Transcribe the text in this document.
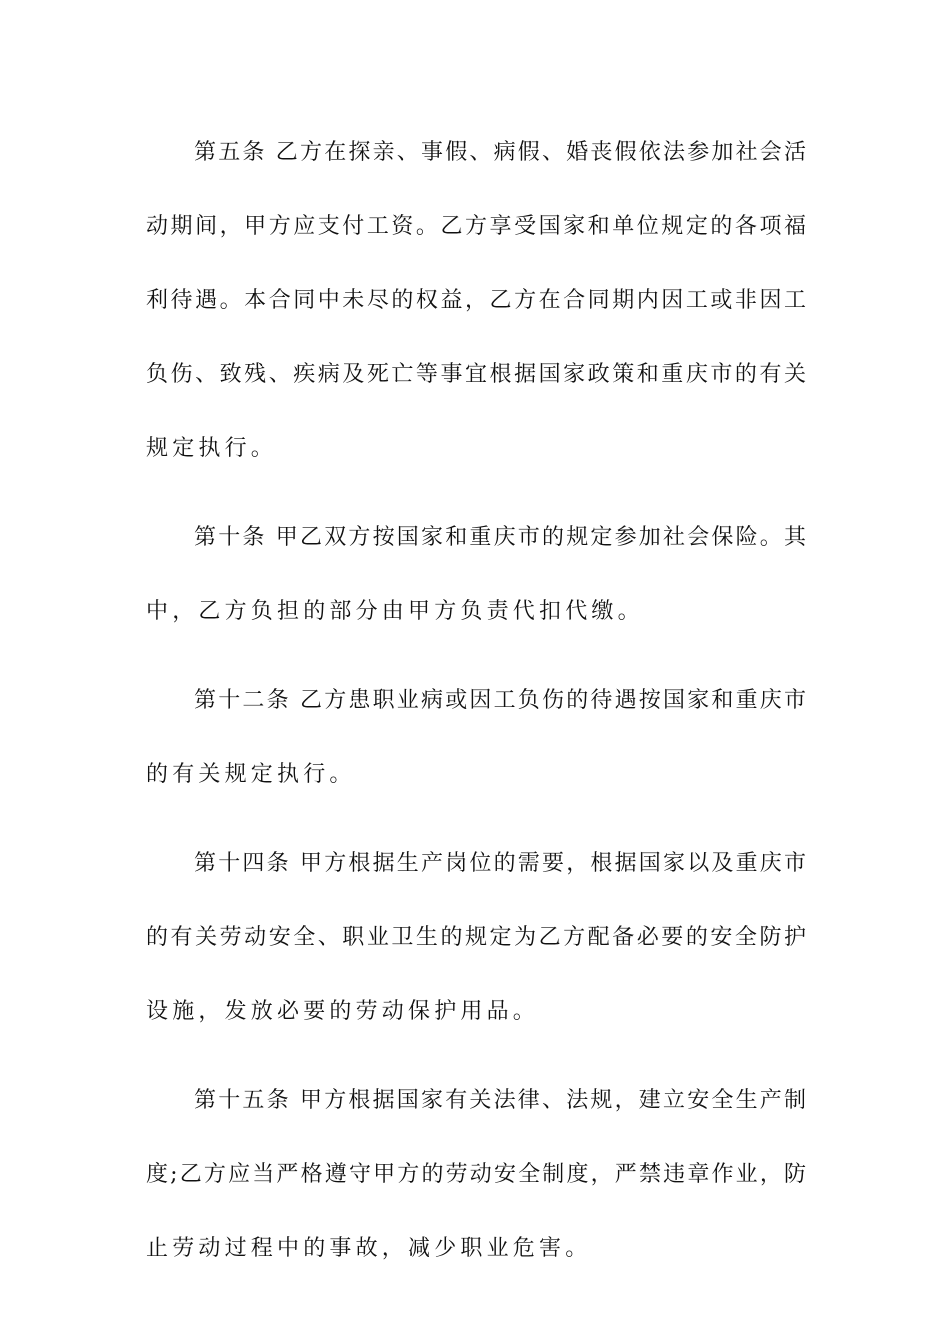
第五条 乙方在探亲、事假、病假、婚丧假依法参加社会活
动期间，甲方应支付工资。乙方享受国家和单位规定的各项福
利待遇。本合同中未尽的权益，乙方在合同期内因工或非因工
负伤、致残、疾病及死亡等事宜根据国家政策和重庆市的有关
规定执行。

第十条 甲乙双方按国家和重庆市的规定参加社会保险。其
中，乙方负担的部分由甲方负责代扣代缴。

第十二条 乙方患职业病或因工负伤的待遇按国家和重庆市
的有关规定执行。

第十四条 甲方根据生产岗位的需要，根据国家以及重庆市
的有关劳动安全、职业卫生的规定为乙方配备必要的安全防护
设施，发放必要的劳动保护用品。

第十五条 甲方根据国家有关法律、法规，建立安全生产制
度;乙方应当严格遵守甲方的劳动安全制度，严禁违章作业，防
止劳动过程中的事故，减少职业危害。
